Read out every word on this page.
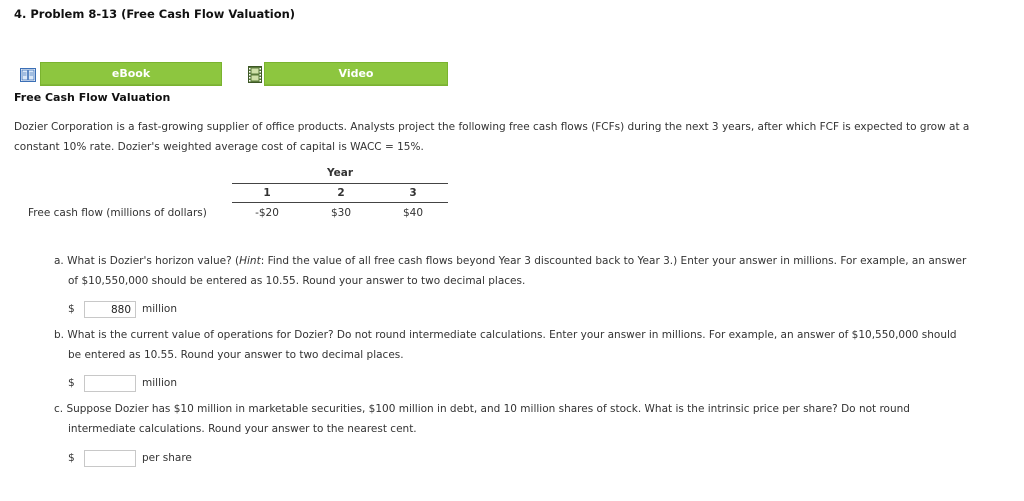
4. Problem 8-13 (Free Cash Flow Valuation)
eBook	Video
Free Cash Flow Valuation
Dozier Corporation is a fast-growing supplier of office products. Analysts project the following free cash flows (FCFs) during the next 3 years, after which FCF is expected to grow at a
constant 10% rate. Dozier's weighted average cost of capital is WACC = 15%.
Year
1	2	3
Free cash flow (millions of dollars)	-$20	$30	$40
a. What is Dozier's horizon value? (Hint: Find the value of all free cash flows beyond Year 3 discounted back to Year 3.) Enter your answer in millions. For example, an answer
of $10,550,000 should be entered as 10.55. Round your answer to two decimal places.
$
880	million
b. What is the current value of operations for Dozier? Do not round intermediate calculations. Enter your answer in millions. For example, an answer of $10,550,000 should
be entered as 10.55. Round your answer to two decimal places.
$	million
c. Suppose Dozier has $10 million in marketable securities, $100 million in debt, and 10 million shares of stock. What is the intrinsic price per share? Do not round
intermediate calculations. Round your answer to the nearest cent.
$	per share
